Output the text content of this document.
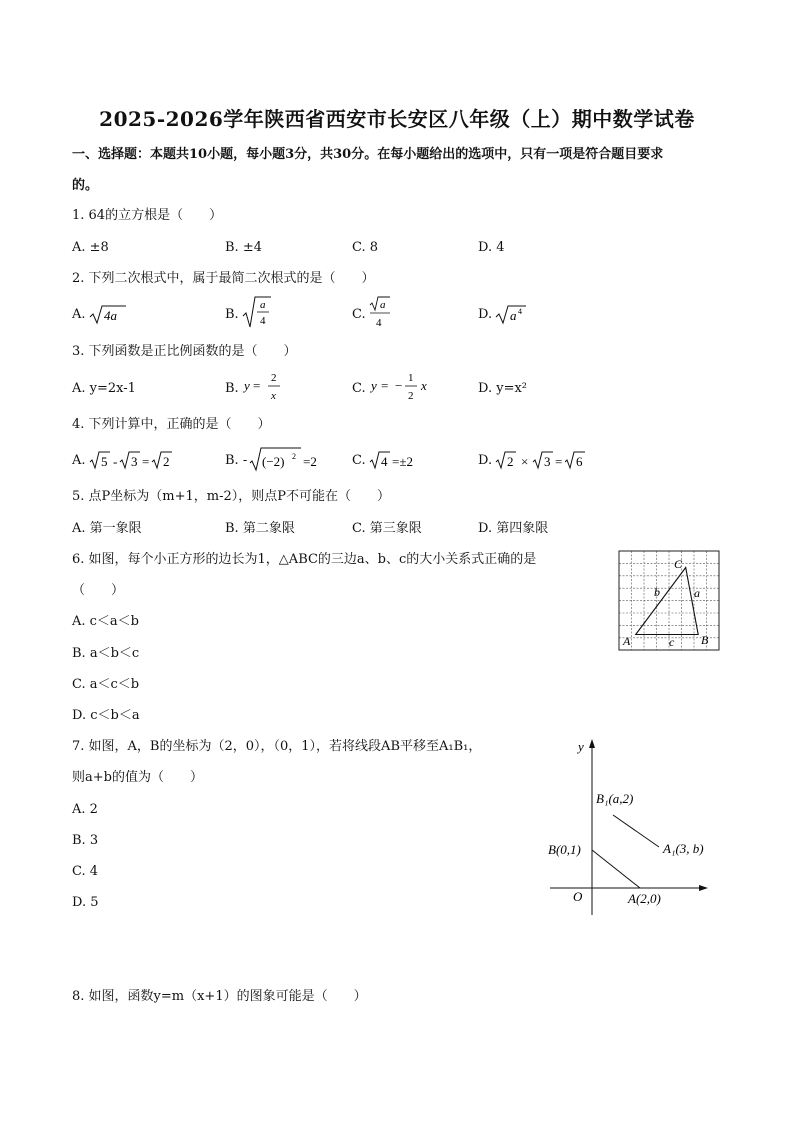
2025-2026学年陕西省西安市长安区八年级（上）期中数学试卷
一、选择题：本题共10小题，每小题3分，共30分。在每小题给出的选项中，只有一项是符合题目要求
的。
1. 64的立方根是（　　）
A. ±8	B. ±4	C. 8	D. 4
2. 下列二次根式中，属于最简二次根式的是（　　）
A. 4a	B.
a
4	C.
a
4
D. a 4
3. 下列函数是正比例函数的是（　　）
A. y=2x-1	B. y = 2
x	C. y = − 1
2
x	D. y=x²
4. 下列计算中，正确的是（　　）
A. 5 - 3 = 2	B. - (−2) 2 =2	C. 4 =±2	D. 2 × 3 = 6
5. 点P坐标为（m+1，m-2），则点P不可能在（　　）
A. 第一象限	B. 第二象限	C. 第三象限	D. 第四象限
6. 如图，每个小正方形的边长为1，△ABC的三边a、b、c的大小关系式正确的是
（　　）
A. c＜a＜b
B. a＜b＜c
C. a＜c＜b
D. c＜b＜a
A	B
C
a
b
c
7. 如图，A，B的坐标为（2，0），（0，1），若将线段AB平移至A₁B₁，
则a+b的值为（　　）
A. 2
B. 3
C. 4
D. 5
y
O
B₁(a,2)
A₁(3, b)
B(0,1)
A(2,0)
8. 如图，函数y=m（x+1）的图象可能是（　　）
